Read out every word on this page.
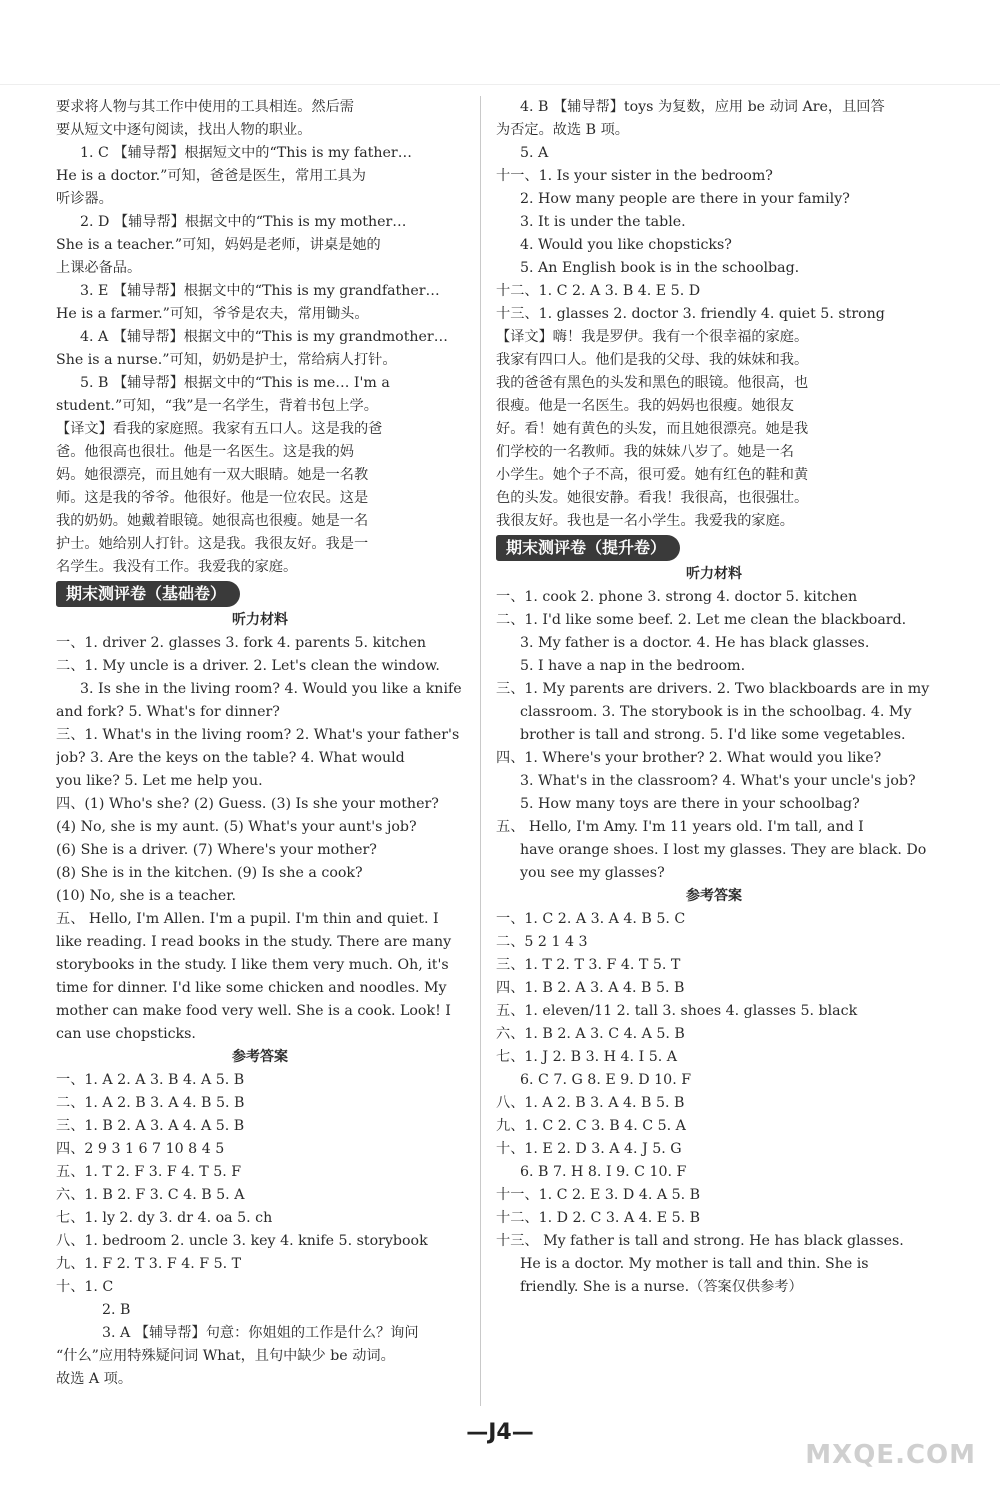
要求将人物与其工作中使用的工具相连。然后需
要从短文中逐句阅读，找出人物的职业。
1. C 【辅导帮】根据短文中的“This is my father…
He is a doctor.”可知，爸爸是医生，常用工具为
听诊器。
2. D 【辅导帮】根据文中的“This is my mother…
She is a teacher.”可知，妈妈是老师，讲桌是她的
上课必备品。
3. E 【辅导帮】根据文中的“This is my grandfather…
He is a farmer.”可知，爷爷是农夫，常用锄头。
4. A 【辅导帮】根据文中的“This is my grandmother…
She is a nurse.”可知，奶奶是护士，常给病人打针。
5. B 【辅导帮】根据文中的“This is me… I'm a
student.”可知，“我”是一名学生，背着书包上学。
【译文】看我的家庭照。我家有五口人。这是我的爸
爸。他很高也很壮。他是一名医生。这是我的妈
妈。她很漂亮，而且她有一双大眼睛。她是一名教
师。这是我的爷爷。他很好。他是一位农民。这是
我的奶奶。她戴着眼镜。她很高也很瘦。她是一名
护士。她给别人打针。这是我。我很友好。我是一
名学生。我没有工作。我爱我的家庭。
期末测评卷（基础卷）
听力材料
一、1. driver 2. glasses 3. fork 4. parents 5. kitchen
二、1. My uncle is a driver. 2. Let's clean the window.
3. Is she in the living room? 4. Would you like a knife
and fork? 5. What's for dinner?
三、1. What's in the living room? 2. What's your father's
job? 3. Are the keys on the table? 4. What would
you like? 5. Let me help you.
四、(1) Who's she? (2) Guess. (3) Is she your mother?
(4) No, she is my aunt. (5) What's your aunt's job?
(6) She is a driver. (7) Where's your mother?
(8) She is in the kitchen. (9) Is she a cook?
(10) No, she is a teacher.
五、 Hello, I'm Allen. I'm a pupil. I'm thin and quiet. I
like reading. I read books in the study. There are many
storybooks in the study. I like them very much. Oh, it's
time for dinner. I'd like some chicken and noodles. My
mother can make food very well. She is a cook. Look! I
can use chopsticks.
参考答案
一、1. A 2. A 3. B 4. A 5. B
二、1. A 2. B 3. A 4. B 5. B
三、1. B 2. A 3. A 4. A 5. B
四、2 9 3 1 6 7 10 8 4 5
五、1. T 2. F 3. F 4. T 5. F
六、1. B 2. F 3. C 4. B 5. A
七、1. ly 2. dy 3. dr 4. oa 5. ch
八、1. bedroom 2. uncle 3. key 4. knife 5. storybook
九、1. F 2. T 3. F 4. F 5. T
十、1. C
2. B
3. A 【辅导帮】句意：你姐姐的工作是什么？询问
“什么”应用特殊疑问词 What，且句中缺少 be 动词。
故选 A 项。
4. B 【辅导帮】toys 为复数，应用 be 动词 Are，且回答
为否定。故选 B 项。
5. A
十一、1. Is your sister in the bedroom?
2. How many people are there in your family?
3. It is under the table.
4. Would you like chopsticks?
5. An English book is in the schoolbag.
十二、1. C 2. A 3. B 4. E 5. D
十三、1. glasses 2. doctor 3. friendly 4. quiet 5. strong
【译文】嗨！我是罗伊。我有一个很幸福的家庭。
我家有四口人。他们是我的父母、我的妹妹和我。
我的爸爸有黑色的头发和黑色的眼镜。他很高，也
很瘦。他是一名医生。我的妈妈也很瘦。她很友
好。看！她有黄色的头发，而且她很漂亮。她是我
们学校的一名教师。我的妹妹八岁了。她是一名
小学生。她个子不高，很可爱。她有红色的鞋和黄
色的头发。她很安静。看我！我很高，也很强壮。
我很友好。我也是一名小学生。我爱我的家庭。
期末测评卷（提升卷）
听力材料
一、1. cook 2. phone 3. strong 4. doctor 5. kitchen
二、1. I'd like some beef. 2. Let me clean the blackboard.
3. My father is a doctor. 4. He has black glasses.
5. I have a nap in the bedroom.
三、1. My parents are drivers. 2. Two blackboards are in my
classroom. 3. The storybook is in the schoolbag. 4. My
brother is tall and strong. 5. I'd like some vegetables.
四、1. Where's your brother? 2. What would you like?
3. What's in the classroom? 4. What's your uncle's job?
5. How many toys are there in your schoolbag?
五、 Hello, I'm Amy. I'm 11 years old. I'm tall, and I
have orange shoes. I lost my glasses. They are black. Do
you see my glasses?
参考答案
一、1. C 2. A 3. A 4. B 5. C
二、5 2 1 4 3
三、1. T 2. T 3. F 4. T 5. T
四、1. B 2. A 3. A 4. B 5. B
五、1. eleven/11 2. tall 3. shoes 4. glasses 5. black
六、1. B 2. A 3. C 4. A 5. B
七、1. J 2. B 3. H 4. I 5. A
6. C 7. G 8. E 9. D 10. F
八、1. A 2. B 3. A 4. B 5. B
九、1. C 2. C 3. B 4. C 5. A
十、1. E 2. D 3. A 4. J 5. G
6. B 7. H 8. I 9. C 10. F
十一、1. C 2. E 3. D 4. A 5. B
十二、1. D 2. C 3. A 4. E 5. B
十三、 My father is tall and strong. He has black glasses.
He is a doctor. My mother is tall and thin. She is
friendly. She is a nurse.（答案仅供参考）
—J4—
MXQE.COM
